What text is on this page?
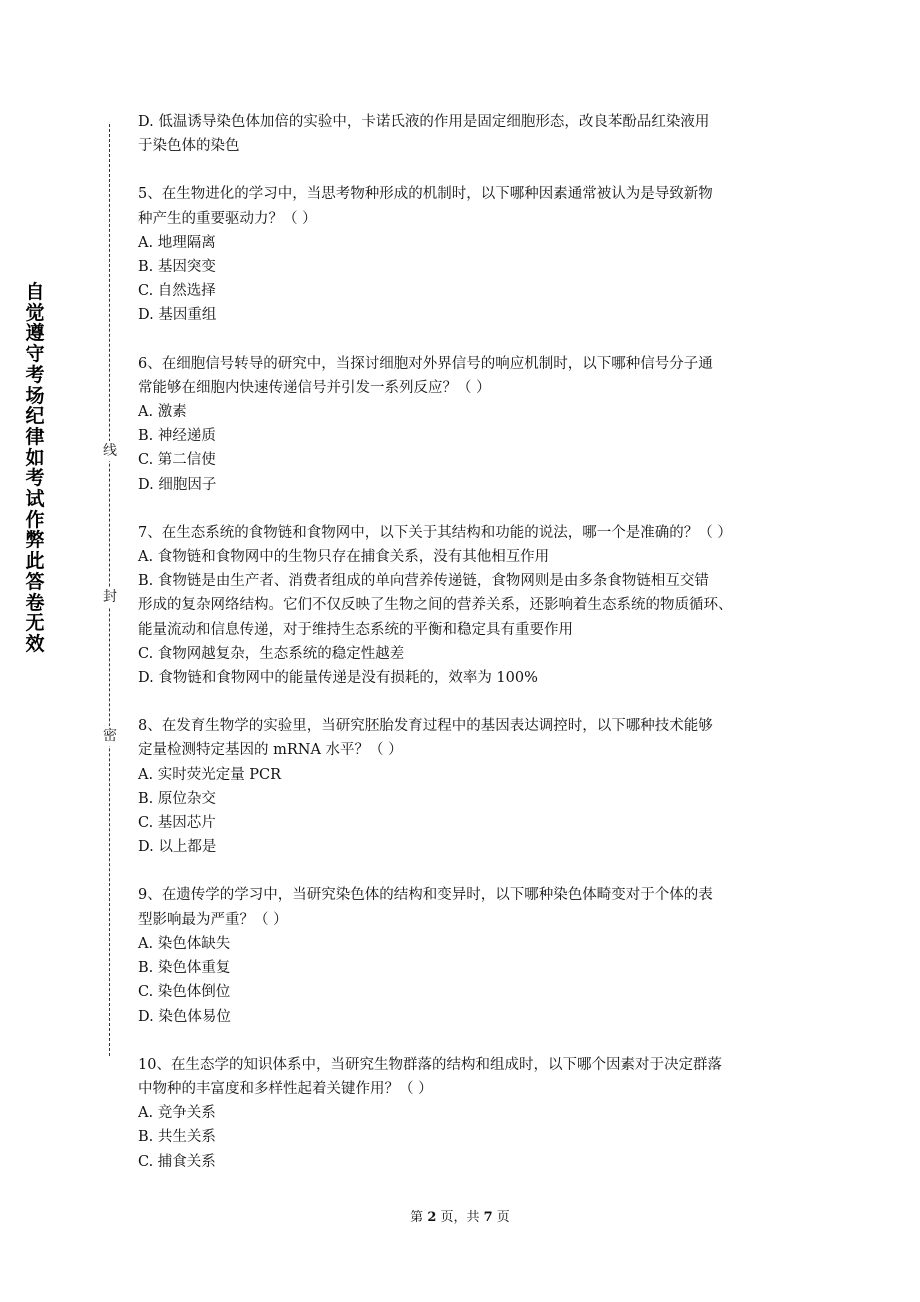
自觉遵守考场纪律如考试作弊此答卷无效
线
封
密
D. 低温诱导染色体加倍的实验中，卡诺氏液的作用是固定细胞形态，改良苯酚品红染液用
于染色体的染色
5、在生物进化的学习中，当思考物种形成的机制时，以下哪种因素通常被认为是导致新物
种产生的重要驱动力？（ ）
A. 地理隔离
B. 基因突变
C. 自然选择
D. 基因重组
6、在细胞信号转导的研究中，当探讨细胞对外界信号的响应机制时，以下哪种信号分子通
常能够在细胞内快速传递信号并引发一系列反应？（ ）
A. 激素
B. 神经递质
C. 第二信使
D. 细胞因子
7、在生态系统的食物链和食物网中，以下关于其结构和功能的说法，哪一个是准确的？（ ）
A. 食物链和食物网中的生物只存在捕食关系，没有其他相互作用
B. 食物链是由生产者、消费者组成的单向营养传递链，食物网则是由多条食物链相互交错
形成的复杂网络结构。它们不仅反映了生物之间的营养关系，还影响着生态系统的物质循环、
能量流动和信息传递，对于维持生态系统的平衡和稳定具有重要作用
C. 食物网越复杂，生态系统的稳定性越差
D. 食物链和食物网中的能量传递是没有损耗的，效率为 100%
8、在发育生物学的实验里，当研究胚胎发育过程中的基因表达调控时，以下哪种技术能够
定量检测特定基因的 mRNA 水平？（ ）
A. 实时荧光定量 PCR
B. 原位杂交
C. 基因芯片
D. 以上都是
9、在遗传学的学习中，当研究染色体的结构和变异时，以下哪种染色体畸变对于个体的表
型影响最为严重？（ ）
A. 染色体缺失
B. 染色体重复
C. 染色体倒位
D. 染色体易位
10、在生态学的知识体系中，当研究生物群落的结构和组成时，以下哪个因素对于决定群落
中物种的丰富度和多样性起着关键作用？（ ）
A. 竞争关系
B. 共生关系
C. 捕食关系
第 2 页，共 7 页
